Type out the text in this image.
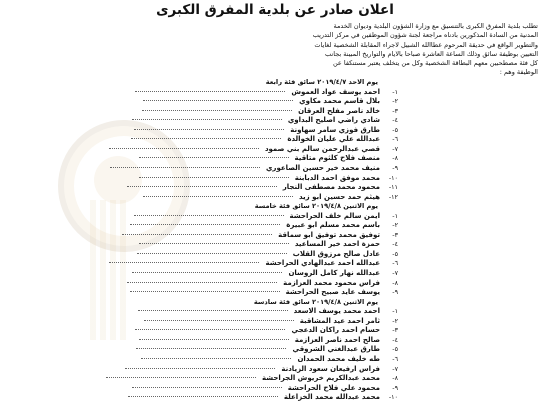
اعلان صادر عن بلدية المفرق الكبرى
تطلب بلدية المفرق الكبرى بالتنسيق مع وزارة الشؤون البلدية وديوان الخدمة
المدنية من السادة المذكورين بادناه مراجعة لجنة شؤون الموظفين في مركز التدريب
والتطوير الواقع في حديقة المرحوم عطاالله الشبيل لاجراء المقابلة الشخصية لغايات
التعيين بوظيفة سائق وذلك الساعة العاشرة صباحا بالايام والتواريخ المبينة بجانب
كل فئة مصطحبين معهم البطاقة الشخصية وكل من يتخلف يعتبر مستنكفا عن
الوظيفة وهم :
يوم الاحد ٢٠١٩/٤/٧ سائق فئة رابعة
١-
احمد يوسف عواد العموش
٢-
بلال قاسم محمد مكاوي
٣-
خالد ناصر مفلح العرقان
٤-
شادي راضي اصليح البداوي
٥-
طارق فوزي سامر سهاونة
٦-
عبدالله علي عليان الخوالدة
٧-
قصي عبدالرحمن سالم بني صمود
٨-
منصف فلاح كلثوم متاقية
٩-
منيف محمد خير حسين الصاعوري
١٠-
محمد موفق احمد الدبابنة
١١-
محمود محمد مصطفى النجار
١٢-
هيثم حمد حسين ابو زيد
يوم الاثنين ٢٠١٩/٤/٨ سائق فئة خامسة
١-
ايمن سالم خلف الحراحشة
٢-
باسم محمد مسلم ابو عبيرة
٣-
توفيق محمد توفيق ابو سماقة
٤-
حمزة احمد خير المساعيد
٥-
عادل صالح مرزوق القلاب
٦-
عبدالله احمد عبدالهادي الحراحشة
٧-
عبدالله نهار كامل الروسان
٨-
فراس محمود محمد العزازمة
٩-
يوسف عايد صبيح الحراحشة
يوم الاثنين ٢٠١٩/٤/٨ سائق فئة سادسة
١-
احمد محمد يوسف الاسعد
٢-
ثامر احمد عيد المشاقبة
٣-
حسام احمد راكان الدعجي
٤-
صالح احمد ناصر العزازمة
٥-
طارق عبدالغني الشروقي
٦-
طه خليف محمد الحمدان
٧-
فراس ارفيعان سعود الزيادنة
٨-
محمد عبدالكريم خريوش الجراحشة
٩-
محمود علي فلاح الحراحشة
١٠-
محمد عبدالله محمد الخزاعلة
